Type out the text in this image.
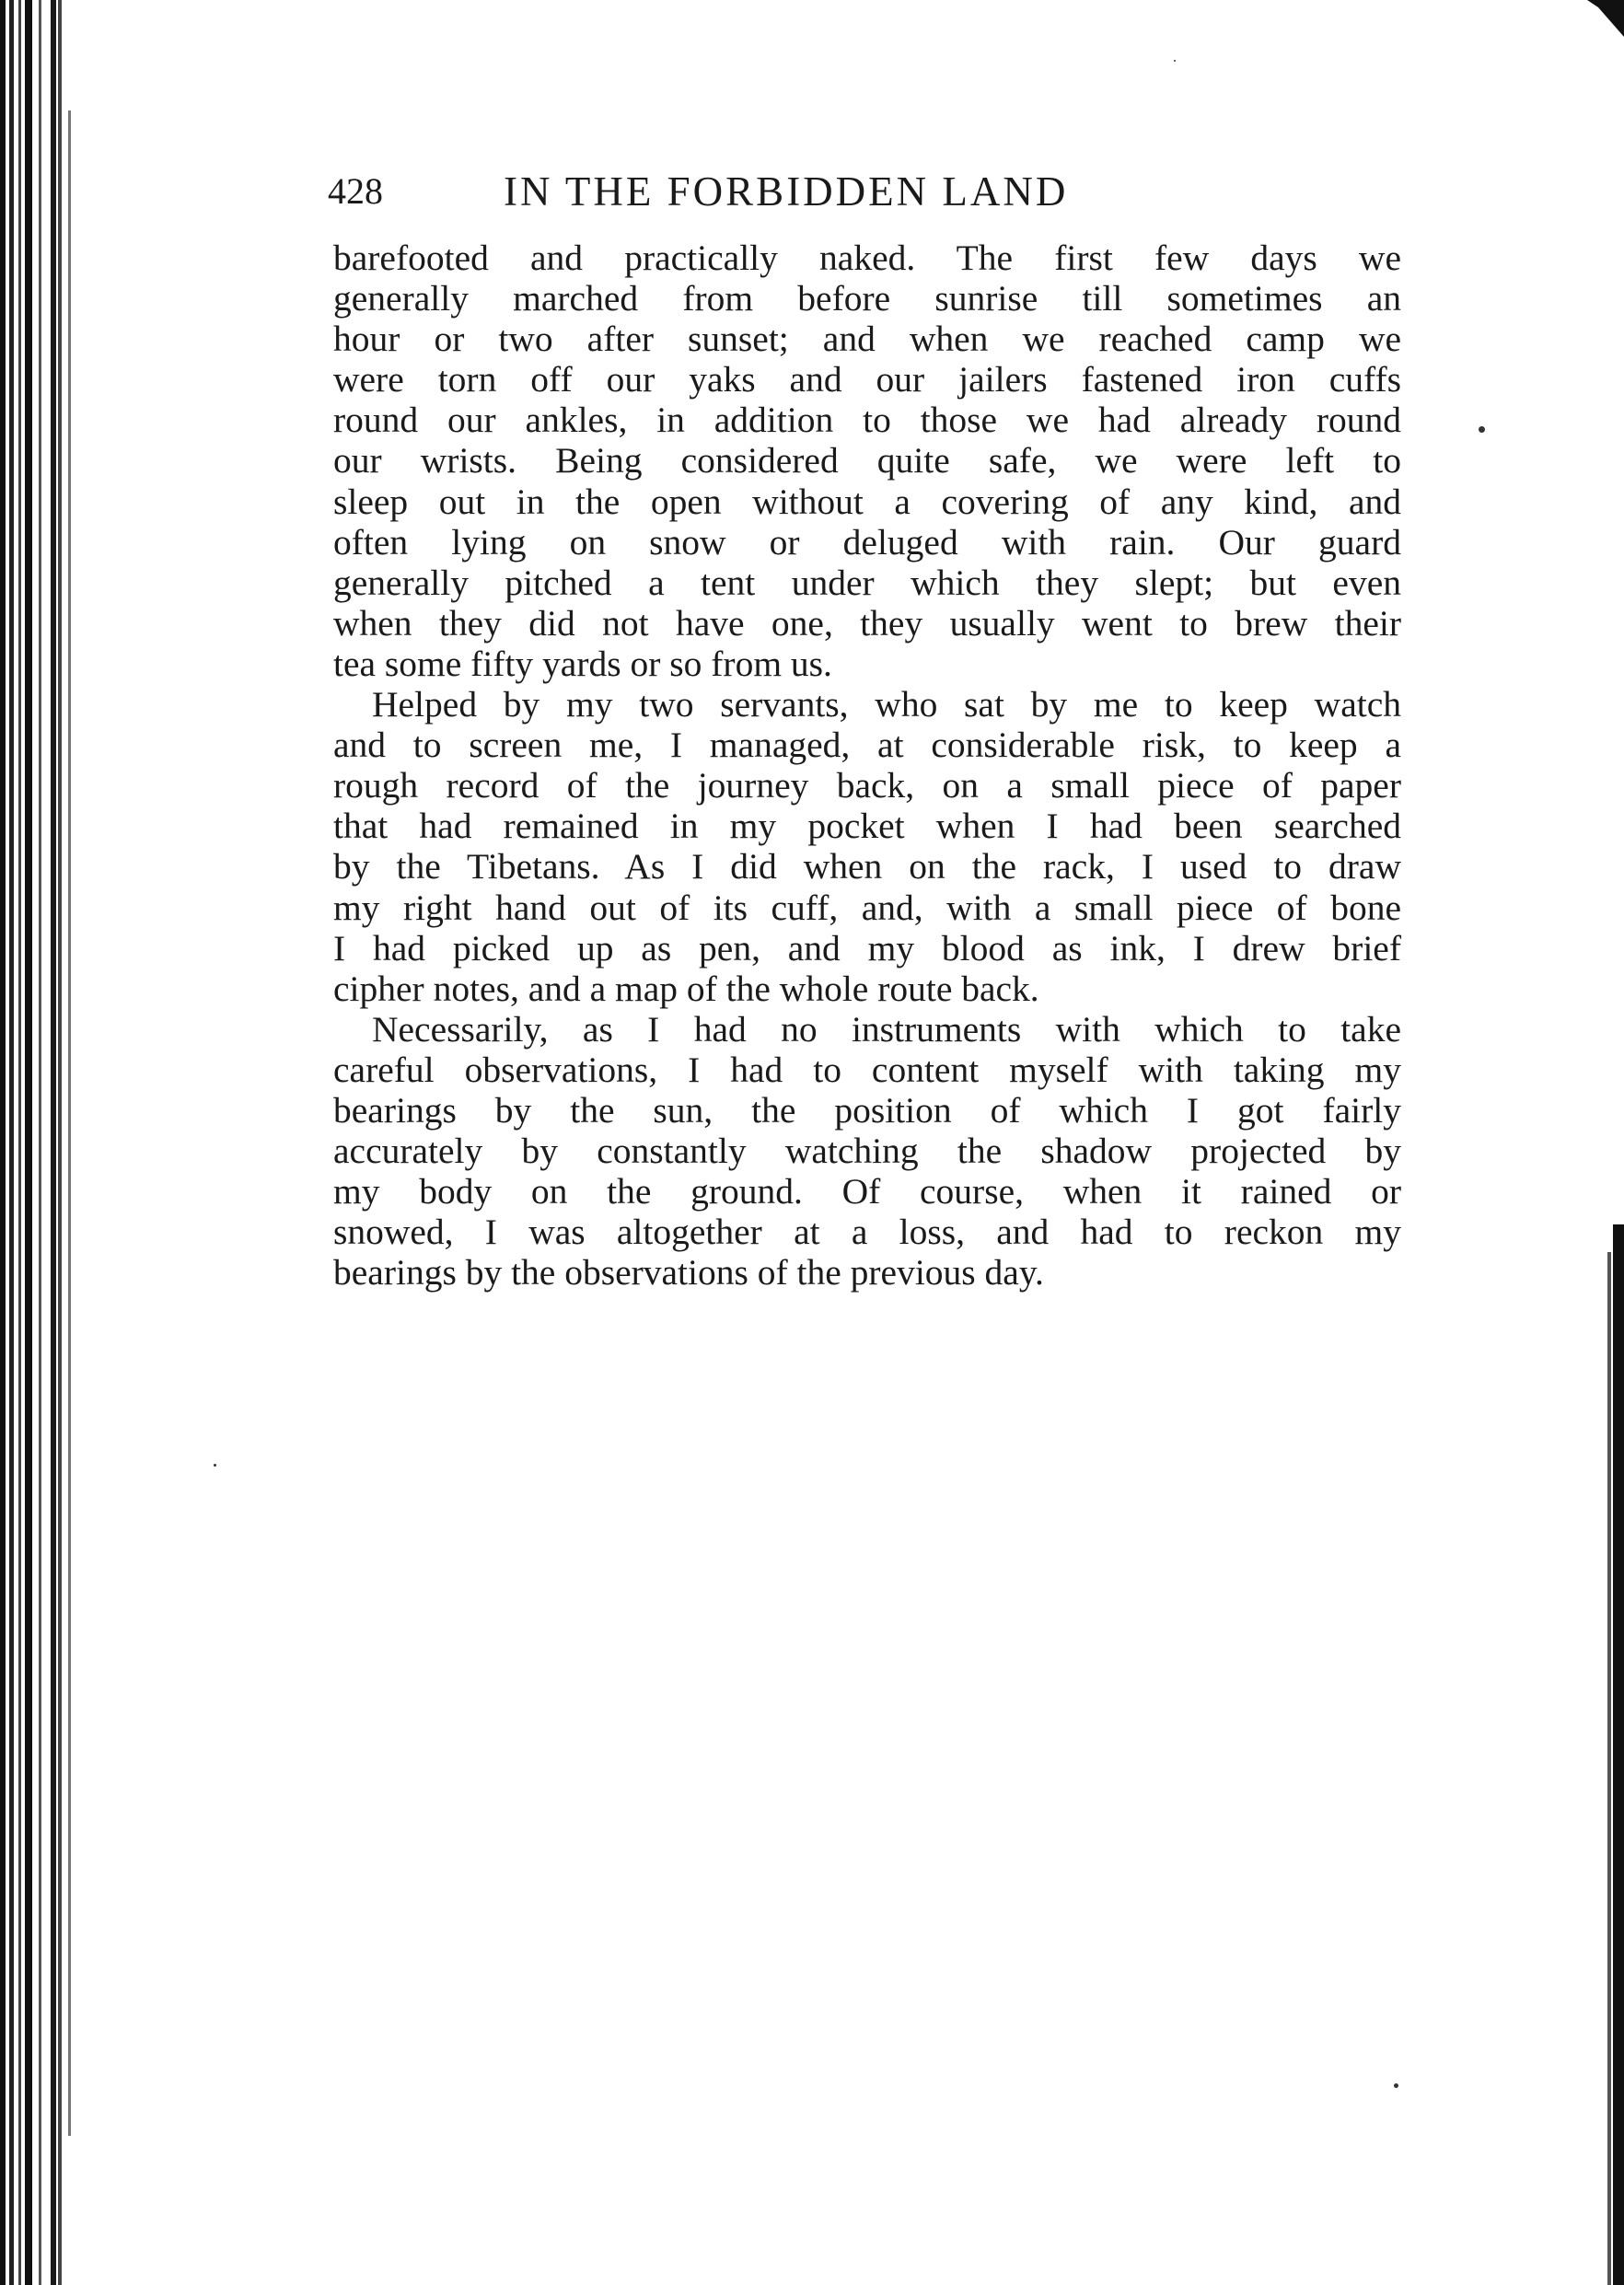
428	IN THE FORBIDDEN LAND
barefooted and practically naked. The first few days we
generally marched from before sunrise till sometimes an
hour or two after sunset; and when we reached camp we
were torn off our yaks and our jailers fastened iron cuffs
round our ankles, in addition to those we had already round
our wrists. Being considered quite safe, we were left to
sleep out in the open without a covering of any kind, and
often lying on snow or deluged with rain. Our guard
generally pitched a tent under which they slept; but even
when they did not have one, they usually went to brew their
tea some fifty yards or so from us.
Helped by my two servants, who sat by me to keep watch
and to screen me, I managed, at considerable risk, to keep a
rough record of the journey back, on a small piece of paper
that had remained in my pocket when I had been searched
by the Tibetans. As I did when on the rack, I used to draw
my right hand out of its cuff, and, with a small piece of bone
I had picked up as pen, and my blood as ink, I drew brief
cipher notes, and a map of the whole route back.
Necessarily, as I had no instruments with which to take
careful observations, I had to content myself with taking my
bearings by the sun, the position of which I got fairly
accurately by constantly watching the shadow projected by
my body on the ground. Of course, when it rained or
snowed, I was altogether at a loss, and had to reckon my
bearings by the observations of the previous day.
